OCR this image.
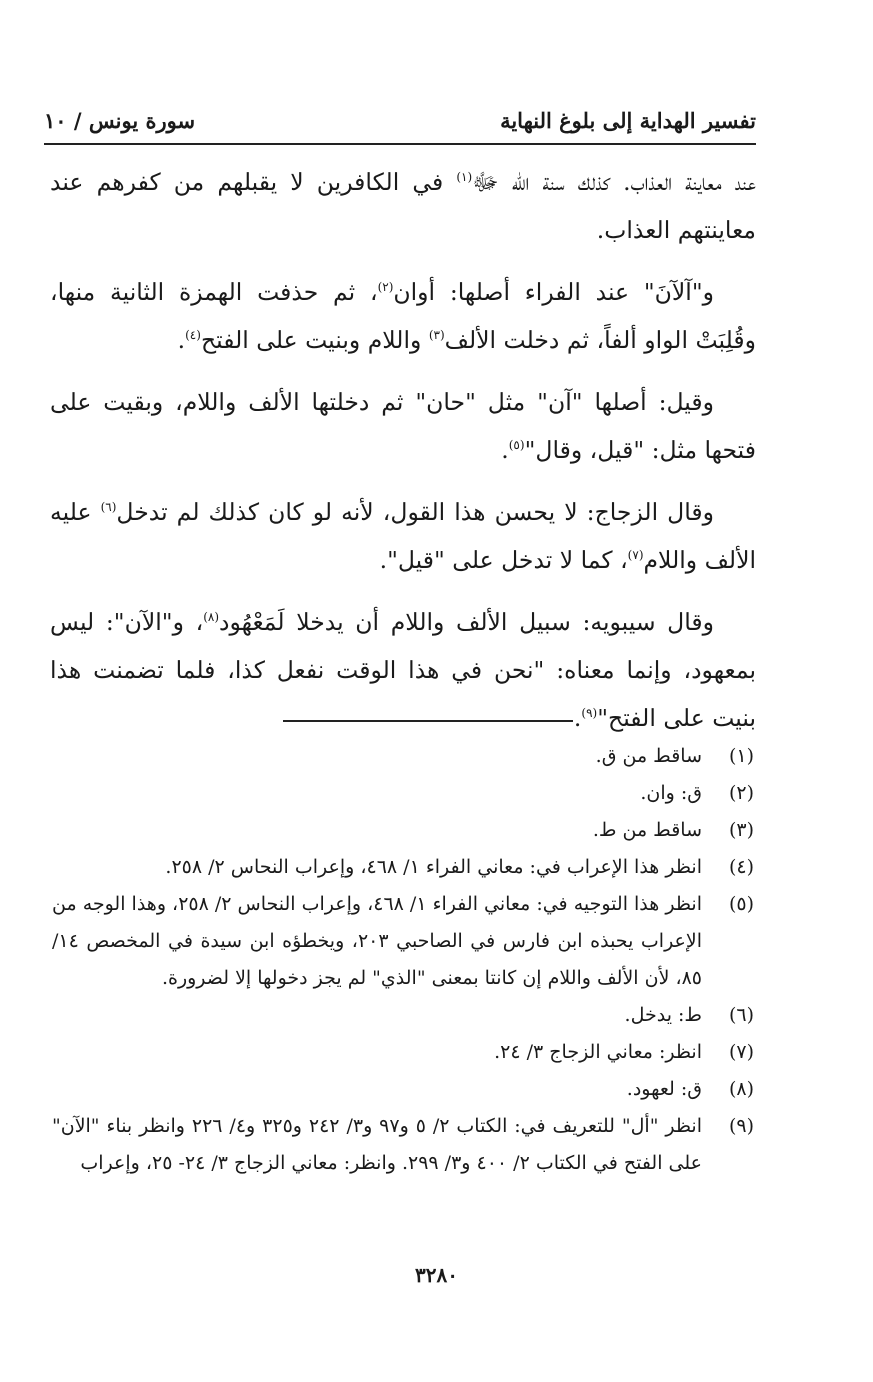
تفسير الهداية إلى بلوغ النهاية
سورة يونس / ١٠

عند معاينة العذاب. كذلك سنة الله ﷻ$^{(١)}$ في الكافرين لا يقبلهم من كفرهم عند معاينتهم العذاب.

و"آلآنَ" عند الفراء أصلها: أوان$^{(٢)}$، ثم حذفت الهمزة الثانية منها، وقُلِبَتْ الواو ألفاً، ثم دخلت الألف$^{(٣)}$ واللام وبنيت على الفتح$^{(٤)}$.

وقيل: أصلها "آن" مثل "حان" ثم دخلتها الألف واللام، وبقيت على فتحها مثل: "قيل، وقال"$^{(٥)}$.

وقال الزجاج: لا يحسن هذا القول، لأنه لو كان كذلك لم تدخل$^{(٦)}$ عليه الألف واللام$^{(٧)}$، كما لا تدخل على "قيل".

وقال سيبويه: سبيل الألف واللام أن يدخلا لَمَعْهُود$^{(٨)}$، و"الآن": ليس بمعهود، وإنما معناه: "نحن في هذا الوقت نفعل كذا، فلما تضمنت هذا بنيت على الفتح"$^{(٩)}$.

(١)
ساقط من ق.
(٢)
ق: وان.
(٣)
ساقط من ط.
(٤)
انظر هذا الإعراب في: معاني الفراء ١/ ٤٦٨، وإعراب النحاس ٢/ ٢٥٨.
(٥)
انظر هذا التوجيه في: معاني الفراء ١/ ٤٦٨، وإعراب النحاس ٢/ ٢٥٨، وهذا الوجه من الإعراب يحبذه ابن فارس في الصاحبي ٢٠٣، ويخطؤه ابن سيدة في المخصص ١٤/ ٨٥، لأن الألف واللام إن كانتا بمعنى "الذي" لم يجز دخولها إلا لضرورة.
(٦)
ط: يدخل.
(٧)
انظر: معاني الزجاج ٣/ ٢٤.
(٨)
ق: لعهود.
(٩)
انظر "أل" للتعريف في: الكتاب ٢/ ٥ و٩٧ و٣/ ٢٤٢ و٣٢٥ و٤/ ٢٢٦ وانظر بناء "الآن" على الفتح في الكتاب ٢/ ٤٠٠ و٣/ ٢٩٩. وانظر: معاني الزجاج ٣/ ٢٤- ٢٥، وإعراب
٣٢٨٠
